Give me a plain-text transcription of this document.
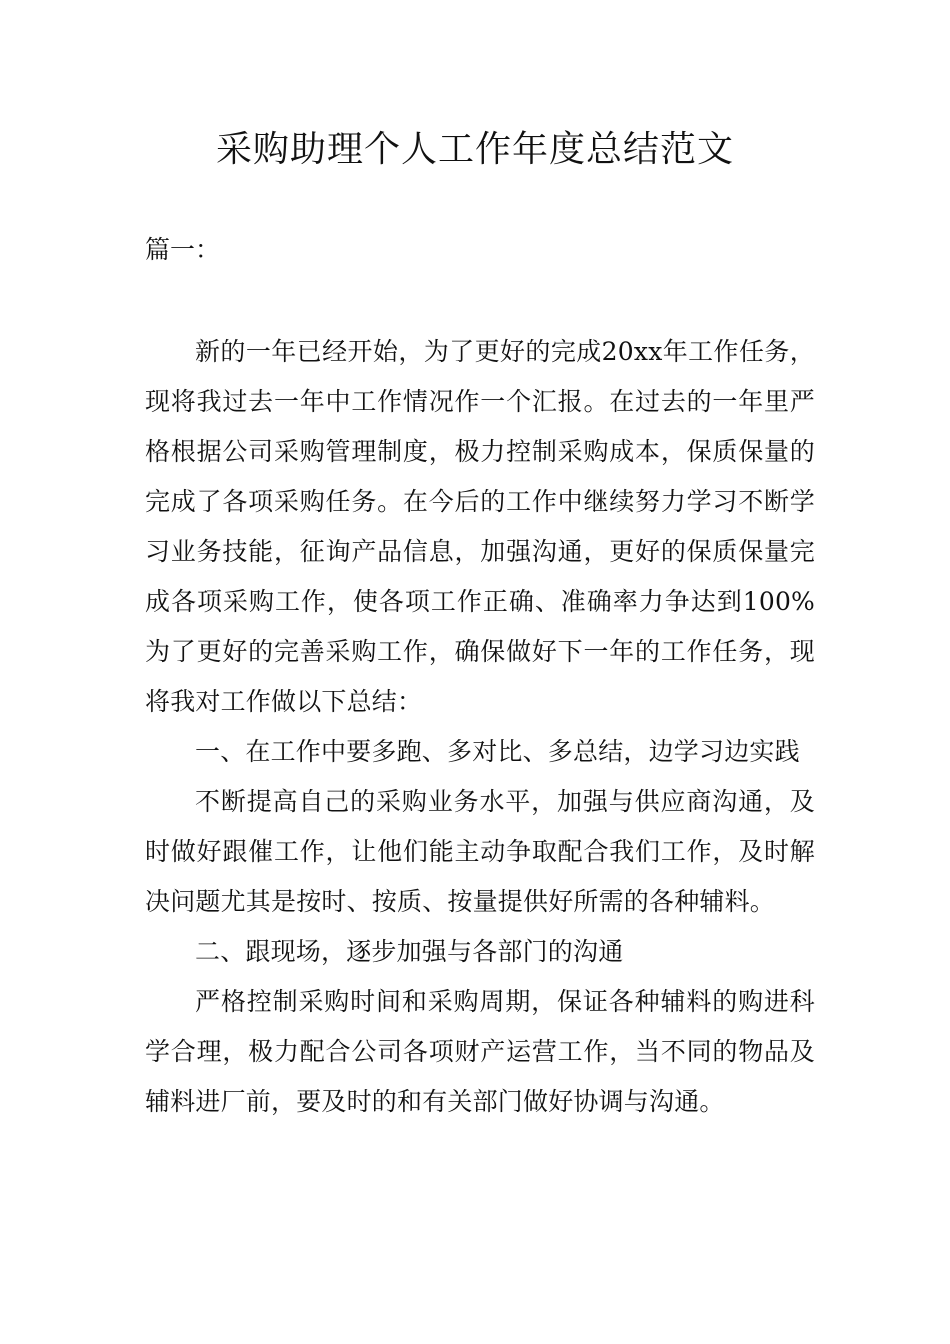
采购助理个人工作年度总结范文

篇一：

新的一年已经开始，为了更好的完成20xx年工作任务，现将我过去一年中工作情况作一个汇报。在过去的一年里严格根据公司采购管理制度，极力控制采购成本，保质保量的完成了各项采购任务。在今后的工作中继续努力学习不断学习业务技能，征询产品信息，加强沟通，更好的保质保量完成各项采购工作，使各项工作正确、准确率力争达到100%为了更好的完善采购工作，确保做好下一年的工作任务，现将我对工作做以下总结：

一、在工作中要多跑、多对比、多总结，边学习边实践

不断提高自己的采购业务水平，加强与供应商沟通，及时做好跟催工作，让他们能主动争取配合我们工作，及时解决问题尤其是按时、按质、按量提供好所需的各种辅料。

二、跟现场，逐步加强与各部门的沟通

严格控制采购时间和采购周期，保证各种辅料的购进科学合理，极力配合公司各项财产运营工作，当不同的物品及辅料进厂前，要及时的和有关部门做好协调与沟通。
